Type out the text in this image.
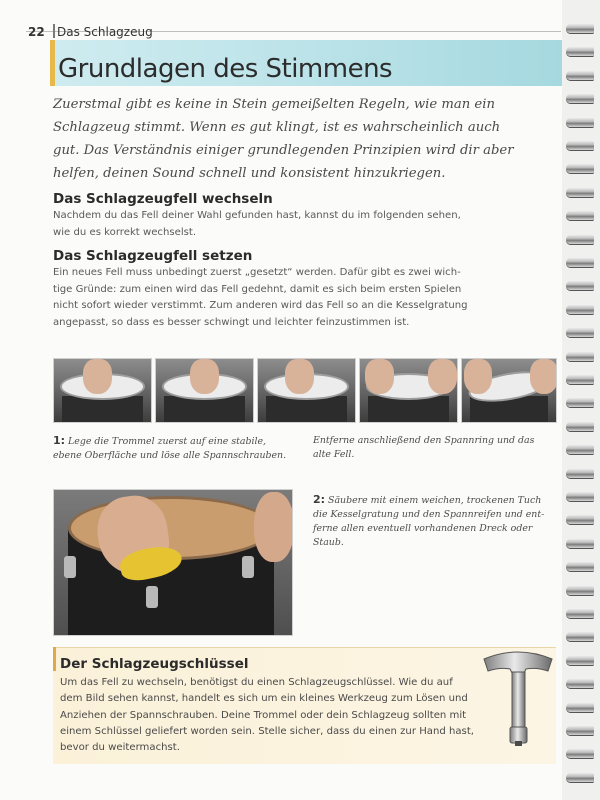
22 Das Schlagzeug
Grundlagen des Stimmens
Zuerstmal gibt es keine in Stein gemeißelten Regeln, wie man ein
Schlagzeug stimmt. Wenn es gut klingt, ist es wahrscheinlich auch
gut. Das Verständnis einiger grundlegenden Prinzipien wird dir aber
helfen, deinen Sound schnell und konsistent hinzukriegen.
Das Schlagzeugfell wechseln
Nachdem du das Fell deiner Wahl gefunden hast, kannst du im folgenden sehen,
wie du es korrekt wechselst.
Das Schlagzeugfell setzen
Ein neues Fell muss unbedingt zuerst „gesetzt“ werden. Dafür gibt es zwei wich-
tige Gründe: zum einen wird das Fell gedehnt, damit es sich beim ersten Spielen
nicht sofort wieder verstimmt. Zum anderen wird das Fell so an die Kesselgratung
angepasst, so dass es besser schwingt und leichter feinzustimmen ist.
1: Lege die Trommel zuerst auf eine stabile,
ebene Oberfläche und löse alle Spannschrauben.
Entferne anschließend den Spannring und das
alte Fell.
2: Säubere mit einem weichen, trockenen Tuch
die Kesselgratung und den Spannreifen und ent-
ferne allen eventuell vorhandenen Dreck oder
Staub.
Der Schlagzeugschlüssel
Um das Fell zu wechseln, benötigst du einen Schlagzeugschlüssel. Wie du auf
dem Bild sehen kannst, handelt es sich um ein kleines Werkzeug zum Lösen und
Anziehen der Spannschrauben. Deine Trommel oder dein Schlagzeug sollten mit
einem Schlüssel geliefert worden sein. Stelle sicher, dass du einen zur Hand hast,
bevor du weitermachst.
